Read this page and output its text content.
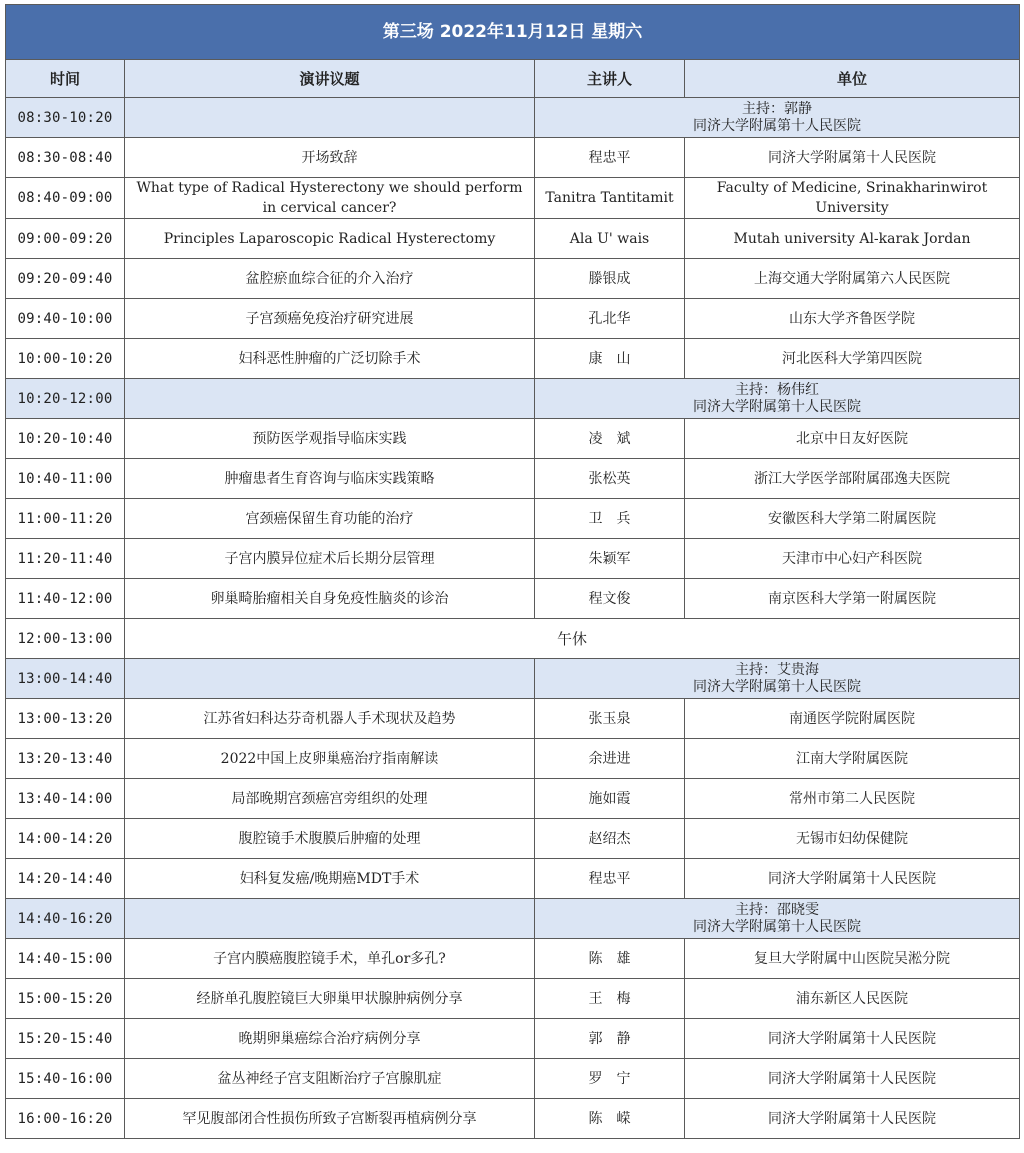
第三场 2022年11月12日 星期六			
时间	演讲议题	主讲人	单位
08:30-10:20		主持：郭静
同济大学附属第十人民医院	

08:30-08:40	开场致辞	程忠平	同济大学附属第十人民医院
08:40-09:00	What type of Radical Hysterectony we should perform in cervical cancer?	Tanitra Tantitamit	Faculty of Medicine, Srinakharinwirot University
09:00-09:20	Principles Laparoscopic Radical Hysterectomy	Ala U' wais	Mutah university Al-karak Jordan
09:20-09:40	盆腔瘀血综合征的介入治疗	滕银成	上海交通大学附属第六人民医院
09:40-10:00	子宫颈癌免疫治疗研究进展	孔北华	山东大学齐鲁医学院
10:00-10:20	妇科恶性肿瘤的广泛切除手术	康　山	河北医科大学第四医院
10:20-12:00		主持：杨伟红
同济大学附属第十人民医院	

10:20-10:40	预防医学观指导临床实践	凌　斌	北京中日友好医院
10:40-11:00	肿瘤患者生育咨询与临床实践策略	张松英	浙江大学医学部附属邵逸夫医院
11:00-11:20	宫颈癌保留生育功能的治疗	卫　兵	安徽医科大学第二附属医院
11:20-11:40	子宫内膜异位症术后长期分层管理	朱颖军	天津市中心妇产科医院
11:40-12:00	卵巢畸胎瘤相关自身免疫性脑炎的诊治	程文俊	南京医科大学第一附属医院
12:00-13:00	午休		
13:00-14:40		主持：艾贵海
同济大学附属第十人民医院	

13:00-13:20	江苏省妇科达芬奇机器人手术现状及趋势	张玉泉	南通医学院附属医院
13:20-13:40	2022中国上皮卵巢癌治疗指南解读	余进进	江南大学附属医院
13:40-14:00	局部晚期宫颈癌宫旁组织的处理	施如霞	常州市第二人民医院
14:00-14:20	腹腔镜手术腹膜后肿瘤的处理	赵绍杰	无锡市妇幼保健院
14:20-14:40	妇科复发癌/晚期癌MDT手术	程忠平	同济大学附属第十人民医院
14:40-16:20		主持：邵晓雯
同济大学附属第十人民医院	

14:40-15:00	子宫内膜癌腹腔镜手术，单孔or多孔?	陈　雄	复旦大学附属中山医院吴淞分院
15:00-15:20	经脐单孔腹腔镜巨大卵巢甲状腺肿病例分享	王　梅	浦东新区人民医院
15:20-15:40	晚期卵巢癌综合治疗病例分享	郭　静	同济大学附属第十人民医院
15:40-16:00	盆丛神经子宫支阻断治疗子宫腺肌症	罗　宁	同济大学附属第十人民医院
16:00-16:20	罕见腹部闭合性损伤所致子宫断裂再植病例分享	陈　嵘	同济大学附属第十人民医院
